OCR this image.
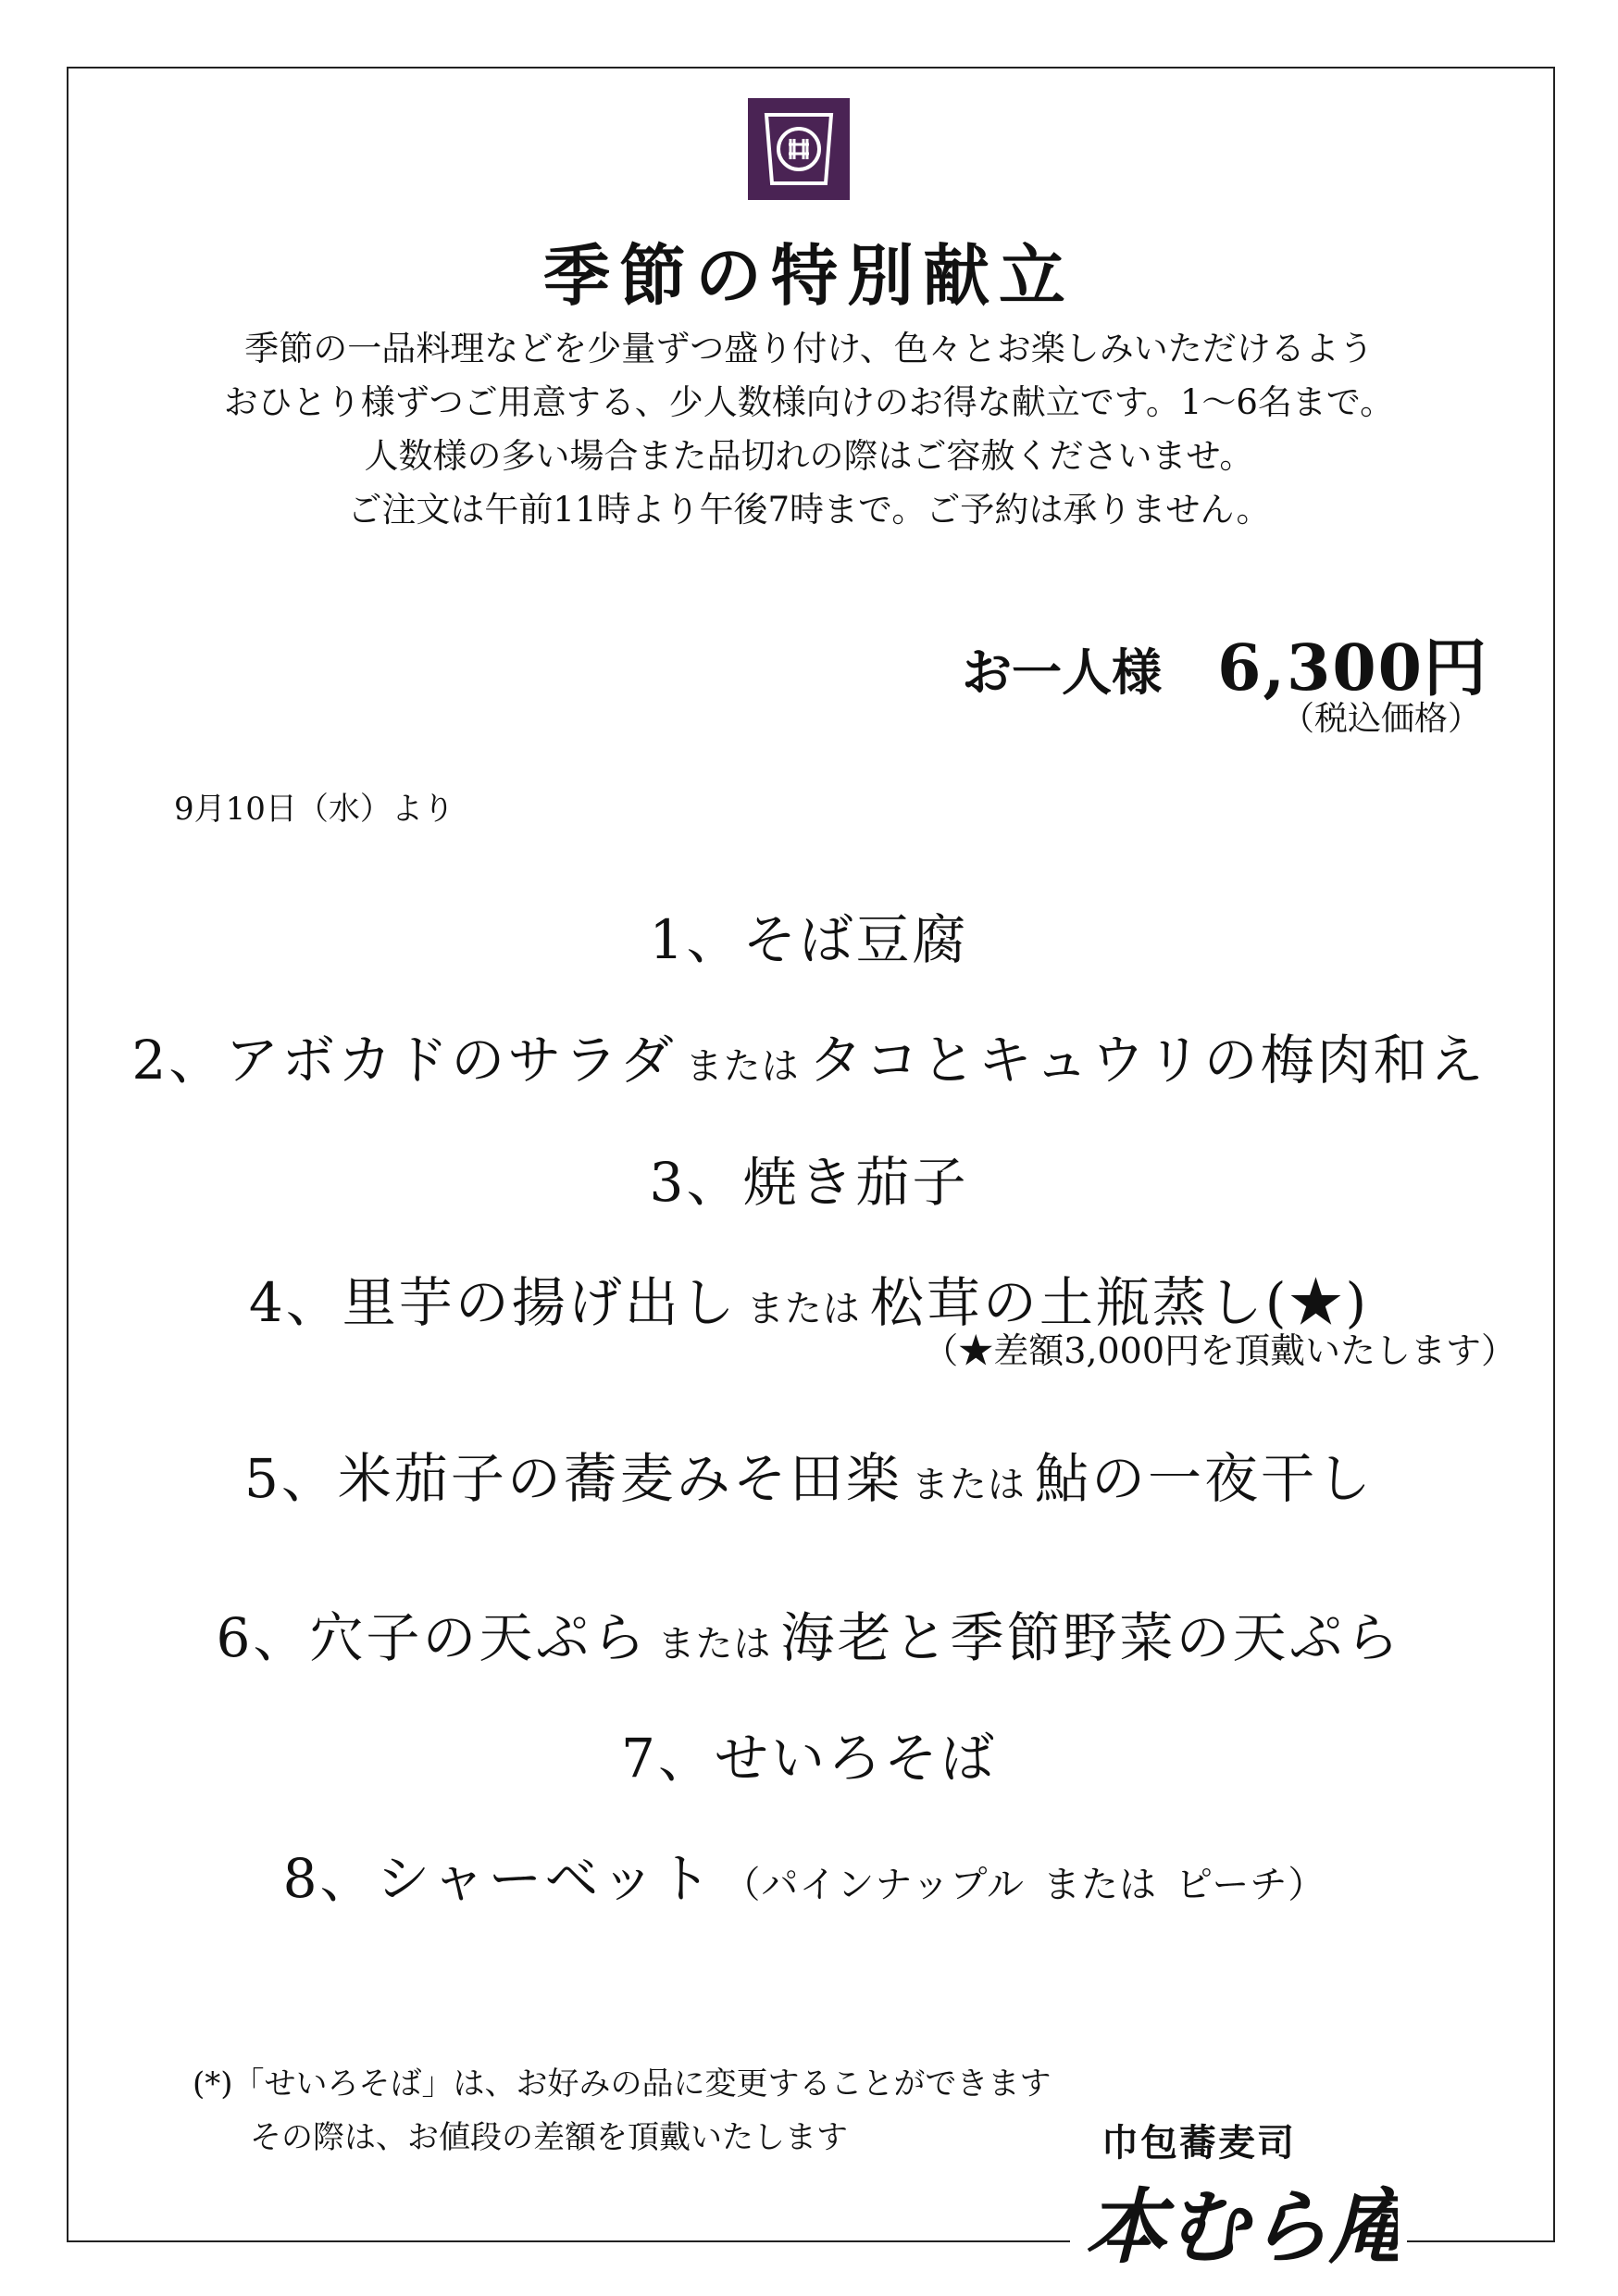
季節の特別献立
季節の一品料理などを少量ずつ盛り付け、色々とお楽しみいただけるよう
おひとり様ずつご用意する、少人数様向けのお得な献立です。1～6名まで。
人数様の多い場合また品切れの際はご容赦くださいませ。
ご注文は午前11時より午後7時まで。ご予約は承りません。
お一人様 6,300円
（税込価格）
9月10日（水）より
1、そば豆腐
2、アボカドのサラダ または タコとキュウリの梅肉和え
3、焼き茄子
4、里芋の揚げ出し または 松茸の土瓶蒸し(★)
（★差額3,000円を頂戴いたします）
5、米茄子の蕎麦みそ田楽 または 鮎の一夜干し
6、穴子の天ぷら または 海老と季節野菜の天ぷら
7、せいろそば
8、シャーベット （パインナップル または ピーチ）
(*)「せいろそば」は、お好みの品に変更することができます
その際は、お値段の差額を頂戴いたします	巾包蕎麦司
本むら庵
